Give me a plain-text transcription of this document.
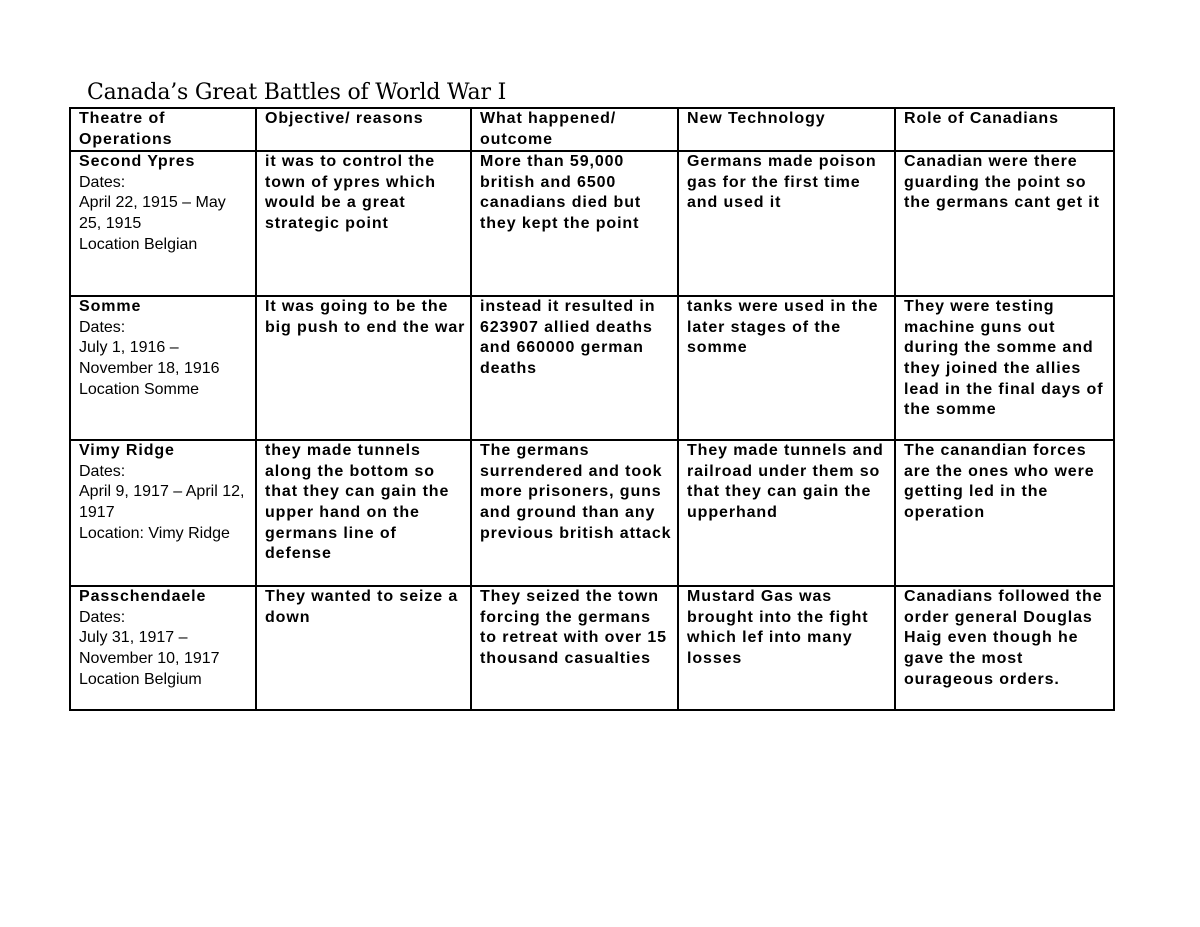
Canada’s Great Battles of World War I
Theatre of Operations	Objective/ reasons	What happened/ outcome	New Technology	Role of Canadians

Second Ypres
Dates:
April 22, 1915 – May 25, 1915
Location Belgian	it was to control the town of ypres which would be a great strategic point	More than 59,000 british and 6500 canadians died but they kept the point	Germans made poison gas for the first time and used it	Canadian were there guarding the point so the germans cant get it

Somme
Dates:
July 1, 1916 – November 18, 1916
Location Somme	It was going to be the big push to end the war	instead it resulted in 623907 allied deaths and 660000 german deaths	tanks were used in the later stages of the somme	They were testing machine guns out during the somme and they joined the allies lead in the final days of the somme

Vimy Ridge
Dates:
April 9, 1917 – April 12, 1917
Location: Vimy Ridge	they made tunnels along the bottom so that they can gain the upper hand on the germans line of defense	The germans surrendered and took more prisoners, guns and ground than any previous british attack	They made tunnels and railroad under them so that they can gain the upperhand	The canandian forces are the ones who were getting led in the operation

Passchendaele
Dates:
July 31, 1917 – November 10, 1917
Location Belgium	They wanted to seize a down	They seized the town forcing the germans to retreat with over 15 thousand casualties	Mustard Gas was brought into the fight which lef into many losses	Canadians followed the order general Douglas Haig even though he gave the most ourageous orders.
